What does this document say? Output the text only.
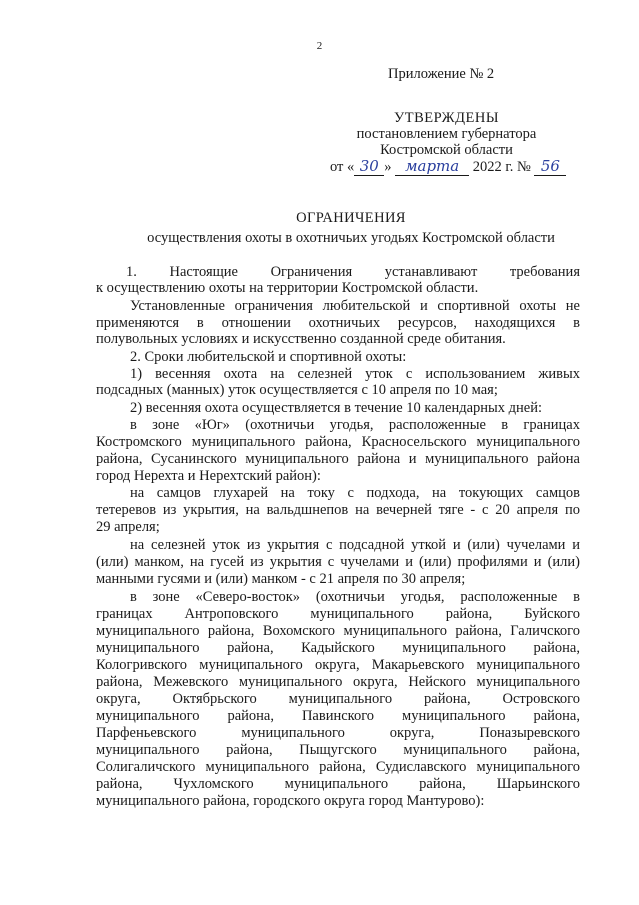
2
Приложение № 2
УТВЕРЖДЕНЫ
постановлением губернатора
Костромской области
от « 30 » марта 2022 г. № 56
ОГРАНИЧЕНИЯ
осуществления охоты в охотничьих угодьях Костромской области
1. Настоящие Ограничения устанавливают требования
к осуществлению охоты на территории Костромской области.
Установленные ограничения любительской и спортивной охоты не
применяются в отношении охотничьих ресурсов, находящихся в
полувольных условиях и искусственно созданной среде обитания.
2. Сроки любительской и спортивной охоты:
1) весенняя охота на селезней уток с использованием живых
подсадных (манных) уток осуществляется с 10 апреля по 10 мая;
2) весенняя охота осуществляется в течение 10 календарных дней:
в зоне «Юг» (охотничьи угодья, расположенные в границах
Костромского муниципального района, Красносельского муниципального
района, Сусанинского муниципального района и муниципального района
город Нерехта и Нерехтский район):
на самцов глухарей на току с подхода, на токующих самцов
тетеревов из укрытия, на вальдшнепов на вечерней тяге - с 20 апреля по
29 апреля;
на селезней уток из укрытия с подсадной уткой и (или) чучелами и
(или) манком, на гусей из укрытия с чучелами и (или) профилями и (или)
манными гусями и (или) манком - с 21 апреля по 30 апреля;
в зоне «Северо-восток» (охотничьи угодья, расположенные в
границах Антроповского муниципального района, Буйского
муниципального района, Вохомского муниципального района, Галичского
муниципального района, Кадыйского муниципального района,
Кологривского муниципального округа, Макарьевского муниципального
района, Межевского муниципального округа, Нейского муниципального
округа, Октябрьского муниципального района, Островского
муниципального района, Павинского муниципального района,
Парфеньевского муниципального округа, Поназыревского
муниципального района, Пыщугского муниципального района,
Солигаличского муниципального района, Судиславского муниципального
района, Чухломского муниципального района, Шарьинского
муниципального района, городского округа город Мантурово):
